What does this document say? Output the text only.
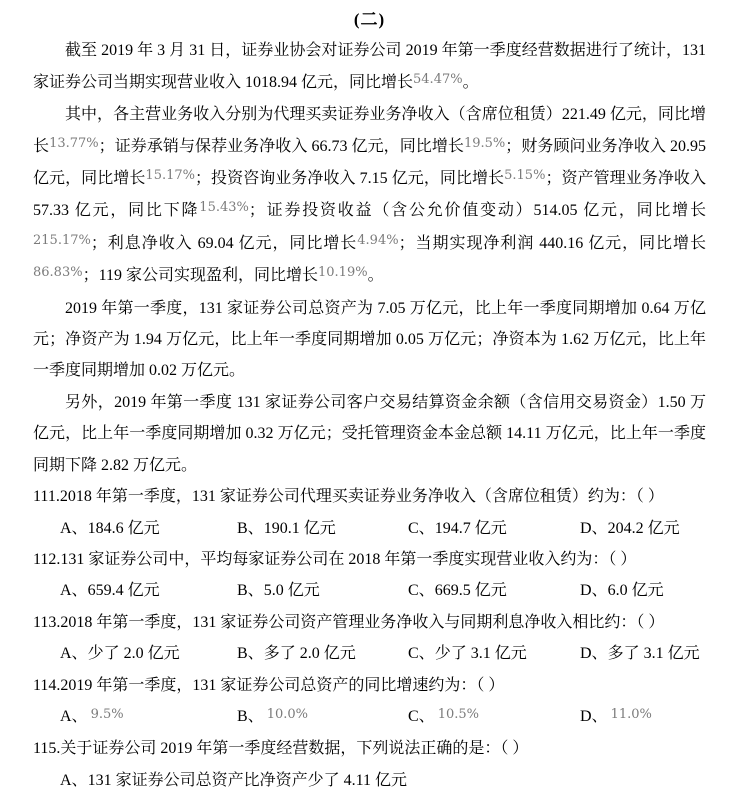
(二)

截至 2019 年 3 月 31 日，证券业协会对证券公司 2019 年第一季度经营数据进行了统计，131 家证券公司当期实现营业收入 1018.94 亿元，同比增长$^{54.47\%}$。

其中，各主营业务收入分别为代理买卖证券业务净收入（含席位租赁）221.49 亿元，同比增长$^{13.77\%}$；证券承销与保荐业务净收入 66.73 亿元，同比增长$^{19.5\%}$；财务顾问业务净收入 20.95 亿元，同比增长$^{15.17\%}$；投资咨询业务净收入 7.15 亿元，同比增长$^{5.15\%}$；资产管理业务净收入 57.33 亿元，同比下降$^{15.43\%}$；证券投资收益（含公允价值变动）514.05 亿元，同比增长$^{215.17\%}$；利息净收入 69.04 亿元，同比增长$^{4.94\%}$；当期实现净利润 440.16 亿元，同比增长$^{86.83\%}$；119 家公司实现盈利，同比增长$^{10.19\%}$。

2019 年第一季度，131 家证券公司总资产为 7.05 万亿元，比上年一季度同期增加 0.64 万亿元；净资产为 1.94 万亿元，比上年一季度同期增加 0.05 万亿元；净资本为 1.62 万亿元，比上年一季度同期增加 0.02 万亿元。

另外，2019 年第一季度 131 家证券公司客户交易结算资金余额（含信用交易资金）1.50 万亿元，比上年一季度同期增加 0.32 万亿元；受托管理资金本金总额 14.11 万亿元，比上年一季度同期下降 2.82 万亿元。

111.2018 年第一季度，131 家证券公司代理买卖证券业务净收入（含席位租赁）约为：（ ）
A、184.6 亿元	B、190.1 亿元	C、194.7 亿元	D、204.2 亿元
112.131 家证券公司中，平均每家证券公司在 2018 年第一季度实现营业收入约为：（ ）
A、659.4 亿元	B、5.0 亿元	C、669.5 亿元	D、6.0 亿元
113.2018 年第一季度，131 家证券公司资产管理业务净收入与同期利息净收入相比约：（ ）
A、少了 2.0 亿元	B、多了 2.0 亿元	C、少了 3.1 亿元	D、多了 3.1 亿元
114.2019 年第一季度，131 家证券公司总资产的同比增速约为：（ ）
A、 9.5%	B、 10.0%	C、 10.5%	D、 11.0%
115.关于证券公司 2019 年第一季度经营数据，下列说法正确的是：（ ）
A、131 家证券公司总资产比净资产少了 4.11 亿元
